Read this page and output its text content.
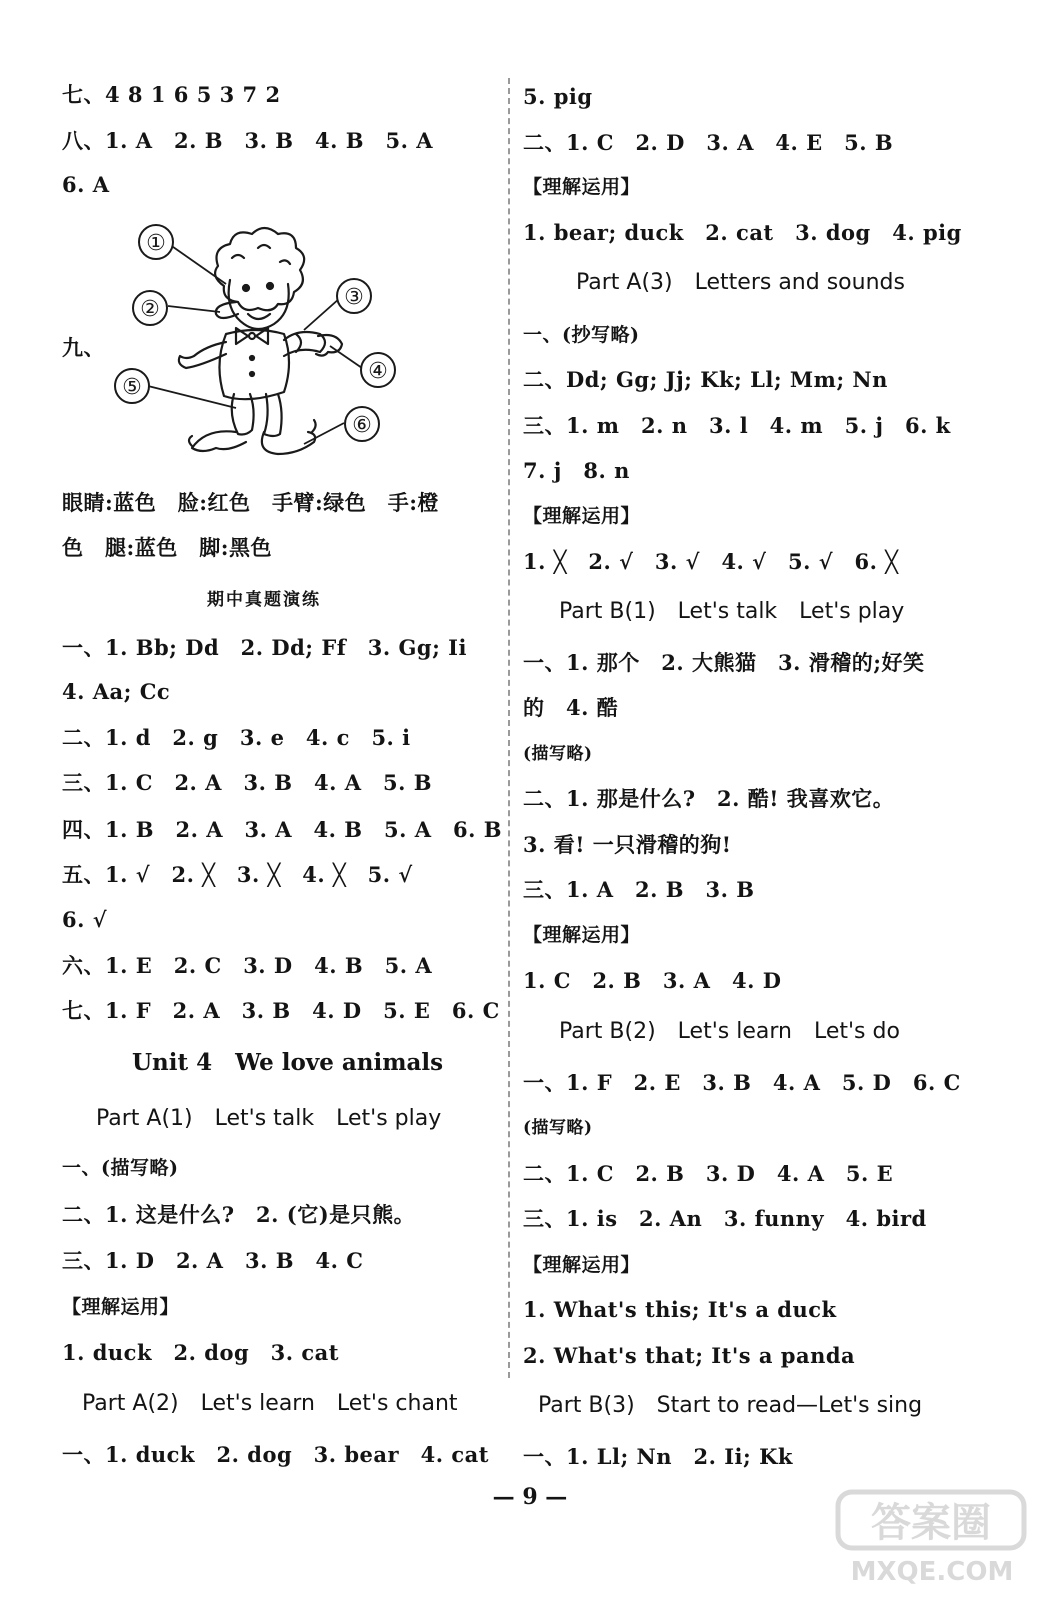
七、4 8 1 6 5 3 7 2
八、1. A　2. B　3. B　4. B　5. A
6. A
九、
眼睛:蓝色　脸:红色　手臂:绿色　手:橙
色　腿:蓝色　脚:黑色
期中真题演练
一、1. Bb; Dd　2. Dd; Ff　3. Gg; Ii
4. Aa; Cc
二、1. d　2. g　3. e　4. c　5. i
三、1. C　2. A　3. B　4. A　5. B
四、1. B　2. A　3. A　4. B　5. A　6. B
五、1. √　2. ╳　3. ╳　4. ╳　5. √
6. √
六、1. E　2. C　3. D　4. B　5. A
七、1. F　2. A　3. B　4. D　5. E　6. C
Unit 4　We love animals
Part A(1)　Let's talk　Let's play
一、(描写略)
二、1. 这是什么?　2. (它)是只熊。
三、1. D　2. A　3. B　4. C
【理解运用】
1. duck　2. dog　3. cat
Part A(2)　Let's learn　Let's chant
一、1. duck　2. dog　3. bear　4. cat
①
②	③
④
⑤
⑥
5. pig
二、1. C　2. D　3. A　4. E　5. B
【理解运用】
1. bear; duck　2. cat　3. dog　4. pig
Part A(3)　Letters and sounds
一、(抄写略)
二、Dd; Gg; Jj; Kk; Ll; Mm; Nn
三、1. m　2. n　3. l　4. m　5. j　6. k
7. j　8. n
【理解运用】
1. ╳　2. √　3. √　4. √　5. √　6. ╳
Part B(1)　Let's talk　Let's play
一、1. 那个　2. 大熊猫　3. 滑稽的;好笑
的　4. 酷
(描写略)
二、1. 那是什么?　2. 酷! 我喜欢它。
3. 看! 一只滑稽的狗!
三、1. A　2. B　3. B
【理解运用】
1. C　2. B　3. A　4. D
Part B(2)　Let's learn　Let's do
一、1. F　2. E　3. B　4. A　5. D　6. C
(描写略)
二、1. C　2. B　3. D　4. A　5. E
三、1. is　2. An　3. funny　4. bird
【理解运用】
1. What's this; It's a duck
2. What's that; It's a panda
Part B(3)　Start to read—Let's sing
一、1. Ll; Nn　2. Ii; Kk
— 9 —
答案圈
MXQE.COM
